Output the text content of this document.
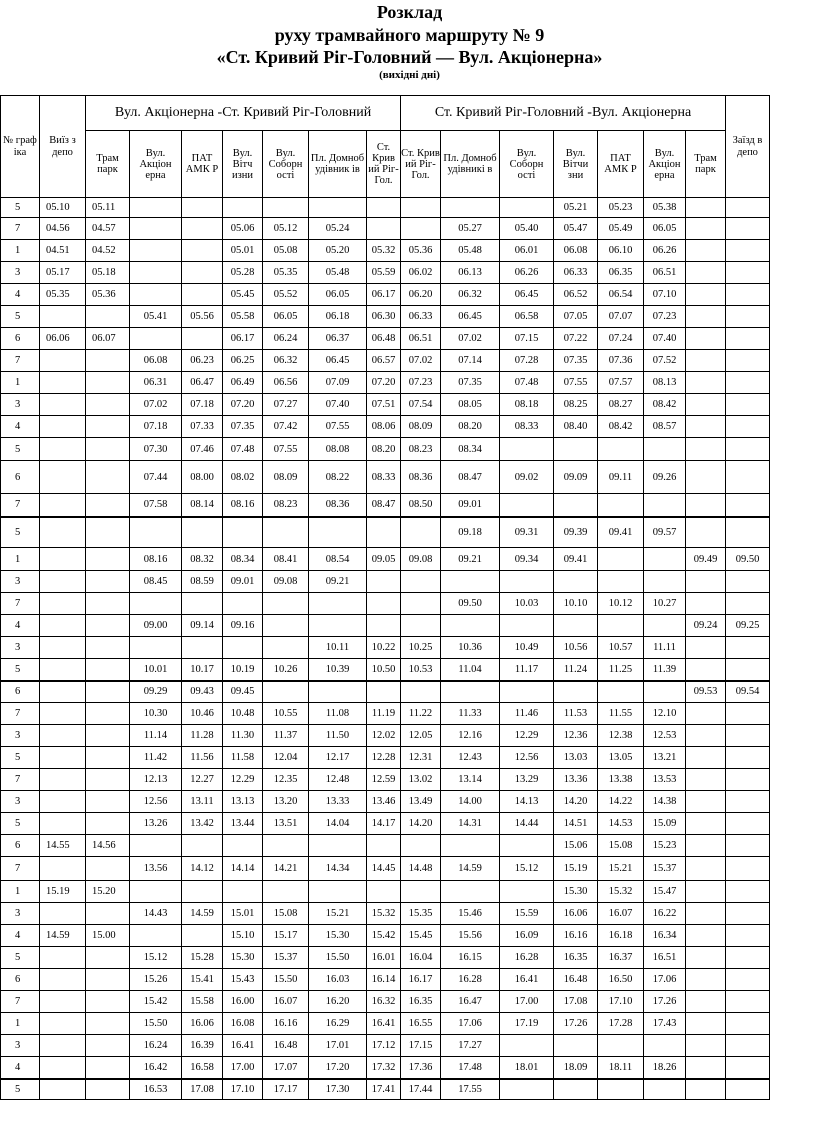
Розклад
руху трамвайного маршруту № 9
«Ст. Кривий Ріг-Головний — Вул. Акціонерна»
(вихідні дні)
№ граф іка	Виїз з депо	Вул. Акціонерна -Ст. Кривий Ріг-Головний							Ст. Кривий Ріг-Головний -Вул. Акціонерна							Заїзд в депо
		Трам парк	Вул. Акціон ерна	ПАТ АМК Р	Вул. Вітч изни	Вул. Соборн ості	Пл. Домноб удівник ів	Ст. Крив ий Ріг- Гол.	Ст. Крив ий Ріг- Гол.	Пл. Домноб удівникі в	Вул. Соборн ості	Вул. Вітчи зни	ПАТ АМК Р	Вул. Акціон ерна	Трам парк	
5	05.10	05.11										05.21	05.23	05.38		
7	04.56	04.57			05.06	05.12	05.24			05.27	05.40	05.47	05.49	06.05		
1	04.51	04.52			05.01	05.08	05.20	05.32	05.36	05.48	06.01	06.08	06.10	06.26		
3	05.17	05.18			05.28	05.35	05.48	05.59	06.02	06.13	06.26	06.33	06.35	06.51		
4	05.35	05.36			05.45	05.52	06.05	06.17	06.20	06.32	06.45	06.52	06.54	07.10		
5			05.41	05.56	05.58	06.05	06.18	06.30	06.33	06.45	06.58	07.05	07.07	07.23		
6	06.06	06.07			06.17	06.24	06.37	06.48	06.51	07.02	07.15	07.22	07.24	07.40		
7			06.08	06.23	06.25	06.32	06.45	06.57	07.02	07.14	07.28	07.35	07.36	07.52		
1			06.31	06.47	06.49	06.56	07.09	07.20	07.23	07.35	07.48	07.55	07.57	08.13		
3			07.02	07.18	07.20	07.27	07.40	07.51	07.54	08.05	08.18	08.25	08.27	08.42		
4			07.18	07.33	07.35	07.42	07.55	08.06	08.09	08.20	08.33	08.40	08.42	08.57		
5			07.30	07.46	07.48	07.55	08.08	08.20	08.23	08.34						
6			07.44	08.00	08.02	08.09	08.22	08.33	08.36	08.47	09.02	09.09	09.11	09.26		
7			07.58	08.14	08.16	08.23	08.36	08.47	08.50	09.01						
5										09.18	09.31	09.39	09.41	09.57		
1			08.16	08.32	08.34	08.41	08.54	09.05	09.08	09.21	09.34	09.41			09.49	09.50
3			08.45	08.59	09.01	09.08	09.21									
7										09.50	10.03	10.10	10.12	10.27		
4			09.00	09.14	09.16										09.24	09.25
3							10.11	10.22	10.25	10.36	10.49	10.56	10.57	11.11		
5			10.01	10.17	10.19	10.26	10.39	10.50	10.53	11.04	11.17	11.24	11.25	11.39		
6			09.29	09.43	09.45										09.53	09.54
7			10.30	10.46	10.48	10.55	11.08	11.19	11.22	11.33	11.46	11.53	11.55	12.10		
3			11.14	11.28	11.30	11.37	11.50	12.02	12.05	12.16	12.29	12.36	12.38	12.53		
5			11.42	11.56	11.58	12.04	12.17	12.28	12.31	12.43	12.56	13.03	13.05	13.21		
7			12.13	12.27	12.29	12.35	12.48	12.59	13.02	13.14	13.29	13.36	13.38	13.53		
3			12.56	13.11	13.13	13.20	13.33	13.46	13.49	14.00	14.13	14.20	14.22	14.38		
5			13.26	13.42	13.44	13.51	14.04	14.17	14.20	14.31	14.44	14.51	14.53	15.09		
6	14.55	14.56										15.06	15.08	15.23		
7			13.56	14.12	14.14	14.21	14.34	14.45	14.48	14.59	15.12	15.19	15.21	15.37		
1	15.19	15.20										15.30	15.32	15.47		
3			14.43	14.59	15.01	15.08	15.21	15.32	15.35	15.46	15.59	16.06	16.07	16.22		
4	14.59	15.00			15.10	15.17	15.30	15.42	15.45	15.56	16.09	16.16	16.18	16.34		
5			15.12	15.28	15.30	15.37	15.50	16.01	16.04	16.15	16.28	16.35	16.37	16.51		
6			15.26	15.41	15.43	15.50	16.03	16.14	16.17	16.28	16.41	16.48	16.50	17.06		
7			15.42	15.58	16.00	16.07	16.20	16.32	16.35	16.47	17.00	17.08	17.10	17.26		
1			15.50	16.06	16.08	16.16	16.29	16.41	16.55	17.06	17.19	17.26	17.28	17.43		
3			16.24	16.39	16.41	16.48	17.01	17.12	17.15	17.27						
4			16.42	16.58	17.00	17.07	17.20	17.32	17.36	17.48	18.01	18.09	18.11	18.26		
5			16.53	17.08	17.10	17.17	17.30	17.41	17.44	17.55						
